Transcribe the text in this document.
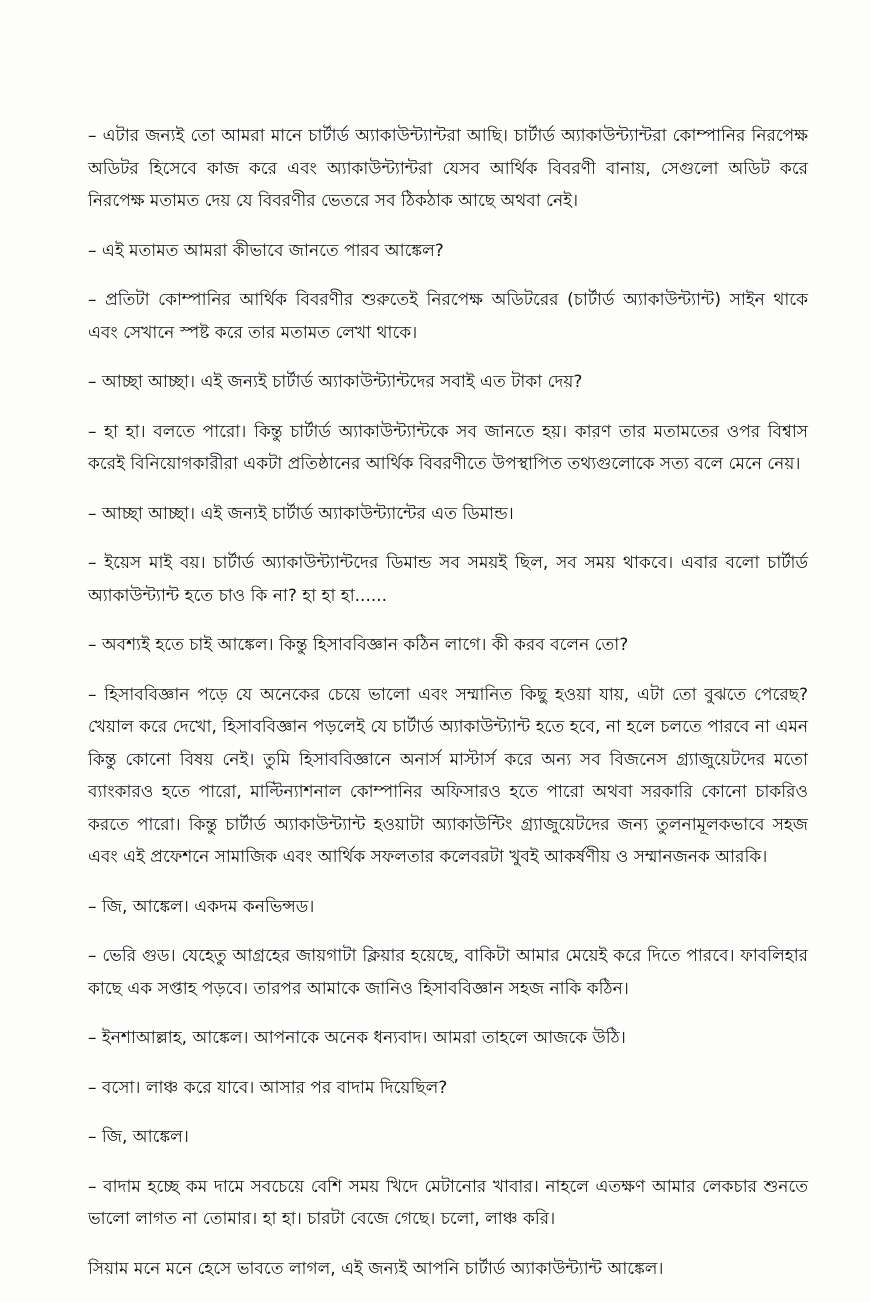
– এটার জন্যই তো আমরা মানে চার্টার্ড অ্যাকাউন্ট্যান্টরা আছি। চার্টার্ড অ্যাকাউন্ট্যান্টরা কোম্পানির নিরপেক্ষ অডিটর হিসেবে কাজ করে এবং অ্যাকাউন্ট্যান্টরা যেসব আর্থিক বিবরণী বানায়, সেগুলো অডিট করে নিরপেক্ষ মতামত দেয় যে বিবরণীর ভেতরে সব ঠিকঠাক আছে অথবা নেই।

– এই মতামত আমরা কীভাবে জানতে পারব আঙ্কেল?

– প্রতিটা কোম্পানির আর্থিক বিবরণীর শুরুতেই নিরপেক্ষ অডিটরের (চার্টার্ড অ্যাকাউন্ট্যান্ট) সাইন থাকে এবং সেখানে স্পষ্ট করে তার মতামত লেখা থাকে।

– আচ্ছা আচ্ছা। এই জন্যই চার্টার্ড অ্যাকাউন্ট্যান্টদের সবাই এত টাকা দেয়?

– হা হা। বলতে পারো। কিন্তু চার্টার্ড অ্যাকাউন্ট্যান্টকে সব জানতে হয়। কারণ তার মতামতের ওপর বিশ্বাস করেই বিনিয়োগকারীরা একটা প্রতিষ্ঠানের আর্থিক বিবরণীতে উপস্থাপিত তথ্যগুলোকে সত্য বলে মেনে নেয়।

– আচ্ছা আচ্ছা। এই জন্যই চার্টার্ড অ্যাকাউন্ট্যান্টের এত ডিমান্ড।

– ইয়েস মাই বয়। চার্টার্ড অ্যাকাউন্ট্যান্টদের ডিমান্ড সব সময়ই ছিল, সব সময় থাকবে। এবার বলো চার্টার্ড অ্যাকাউন্ট্যান্ট হতে চাও কি না? হা হা হা......

– অবশ্যই হতে চাই আঙ্কেল। কিন্তু হিসাববিজ্ঞান কঠিন লাগে। কী করব বলেন তো?

– হিসাববিজ্ঞান পড়ে যে অনেকের চেয়ে ভালো এবং সম্মানিত কিছু হওয়া যায়, এটা তো বুঝতে পেরেছ? খেয়াল করে দেখো, হিসাববিজ্ঞান পড়লেই যে চার্টার্ড অ্যাকাউন্ট্যান্ট হতে হবে, না হলে চলতে পারবে না এমন কিন্তু কোনো বিষয় নেই। তুমি হিসাববিজ্ঞানে অনার্স মাস্টার্স করে অন্য সব বিজনেস গ্র্যাজুয়েটদের মতো ব্যাংকারও হতে পারো, মাল্টিন্যাশনাল কোম্পানির অফিসারও হতে পারো অথবা সরকারি কোনো চাকরিও করতে পারো। কিন্তু চার্টার্ড অ্যাকাউন্ট্যান্ট হওয়াটা অ্যাকাউন্টিং গ্র্যাজুয়েটদের জন্য তুলনামূলকভাবে সহজ এবং এই প্রফেশনে সামাজিক এবং আর্থিক সফলতার কলেবরটা খুবই আকর্ষণীয় ও সম্মানজনক আরকি।

– জি, আঙ্কেল। একদম কনভিন্সড।

– ভেরি গুড। যেহেতু আগ্রহের জায়গাটা ক্লিয়ার হয়েছে, বাকিটা আমার মেয়েই করে দিতে পারবে। ফাবলিহার কাছে এক সপ্তাহ পড়বে। তারপর আমাকে জানিও হিসাববিজ্ঞান সহজ নাকি কঠিন।

– ইনশাআল্লাহ, আঙ্কেল। আপনাকে অনেক ধন্যবাদ। আমরা তাহলে আজকে উঠি।

– বসো। লাঞ্চ করে যাবে। আসার পর বাদাম দিয়েছিল?

– জি, আঙ্কেল।

– বাদাম হচ্ছে কম দামে সবচেয়ে বেশি সময় খিদে মেটানোর খাবার। নাহলে এতক্ষণ আমার লেকচার শুনতে ভালো লাগত না তোমার। হা হা। চারটা বেজে গেছে। চলো, লাঞ্চ করি।

সিয়াম মনে মনে হেসে ভাবতে লাগল, এই জন্যই আপনি চার্টার্ড অ্যাকাউন্ট্যান্ট আঙ্কেল।
